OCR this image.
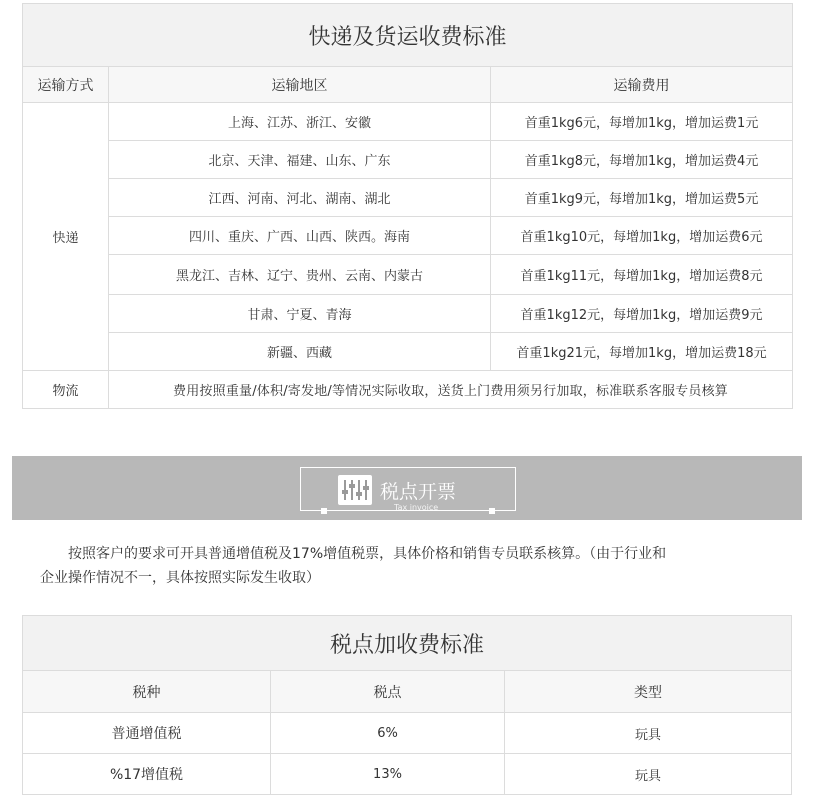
快递及货运收费标准		
运输方式	运输地区	运输费用
快递	上海、江苏、浙江、安徽	首重1kg6元，每增加1kg，增加运费1元
	北京、天津、福建、山东、广东	首重1kg8元，每增加1kg，增加运费4元
	江西、河南、河北、湖南、湖北	首重1kg9元，每增加1kg，增加运费5元
	四川、重庆、广西、山西、陕西。海南	首重1kg10元，每增加1kg，增加运费6元
	黑龙江、吉林、辽宁、贵州、云南、内蒙古	首重1kg11元，每增加1kg，增加运费8元
	甘肃、宁夏、青海	首重1kg12元，每增加1kg，增加运费9元
	新疆、西藏	首重1kg21元，每增加1kg，增加运费18元
物流	费用按照重量/体积/寄发地/等情况实际收取，送货上门费用须另行加取，标准联系客服专员核算	
税点开票
Tax invoice
按照客户的要求可开具普通增值税及17%增值税票，具体价格和销售专员联系核算。（由于行业和
企业操作情况不一，具体按照实际发生收取）
税点加收费标准		
税种	税点	类型
普通增值税	6%	玩具
%17增值税	13%	玩具
